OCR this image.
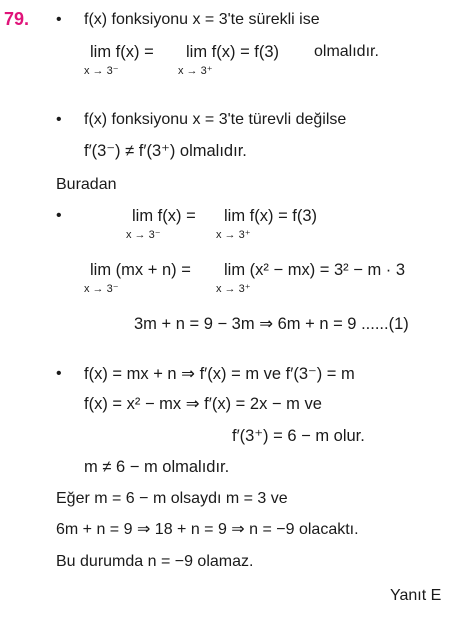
79. • f(x) fonksiyonu x = 3'te sürekli ise
lim f(x) =
x → 3⁻
lim f(x) = f(3)
x → 3⁺
olmalıdır.
• f(x) fonksiyonu x = 3'te türevli değilse
f′(3⁻) ≠ f′(3⁺) olmalıdır.
Buradan
•	lim f(x) =
x → 3⁻
lim f(x) = f(3)
x → 3⁺
lim (mx + n) =
x → 3⁻
lim (x² − mx) = 3² − m · 3
x → 3⁺
3m + n = 9 − 3m ⇒ 6m + n = 9 ......(1)
• f(x) = mx + n ⇒ f′(x) = m ve f′(3⁻) = m
f(x) = x² − mx ⇒ f′(x) = 2x − m ve
f′(3⁺) = 6 − m olur.
m ≠ 6 − m olmalıdır.
Eğer m = 6 − m olsaydı m = 3 ve
6m + n = 9 ⇒ 18 + n = 9 ⇒ n = −9 olacaktı.
Bu durumda n = −9 olamaz.
Yanıt E
